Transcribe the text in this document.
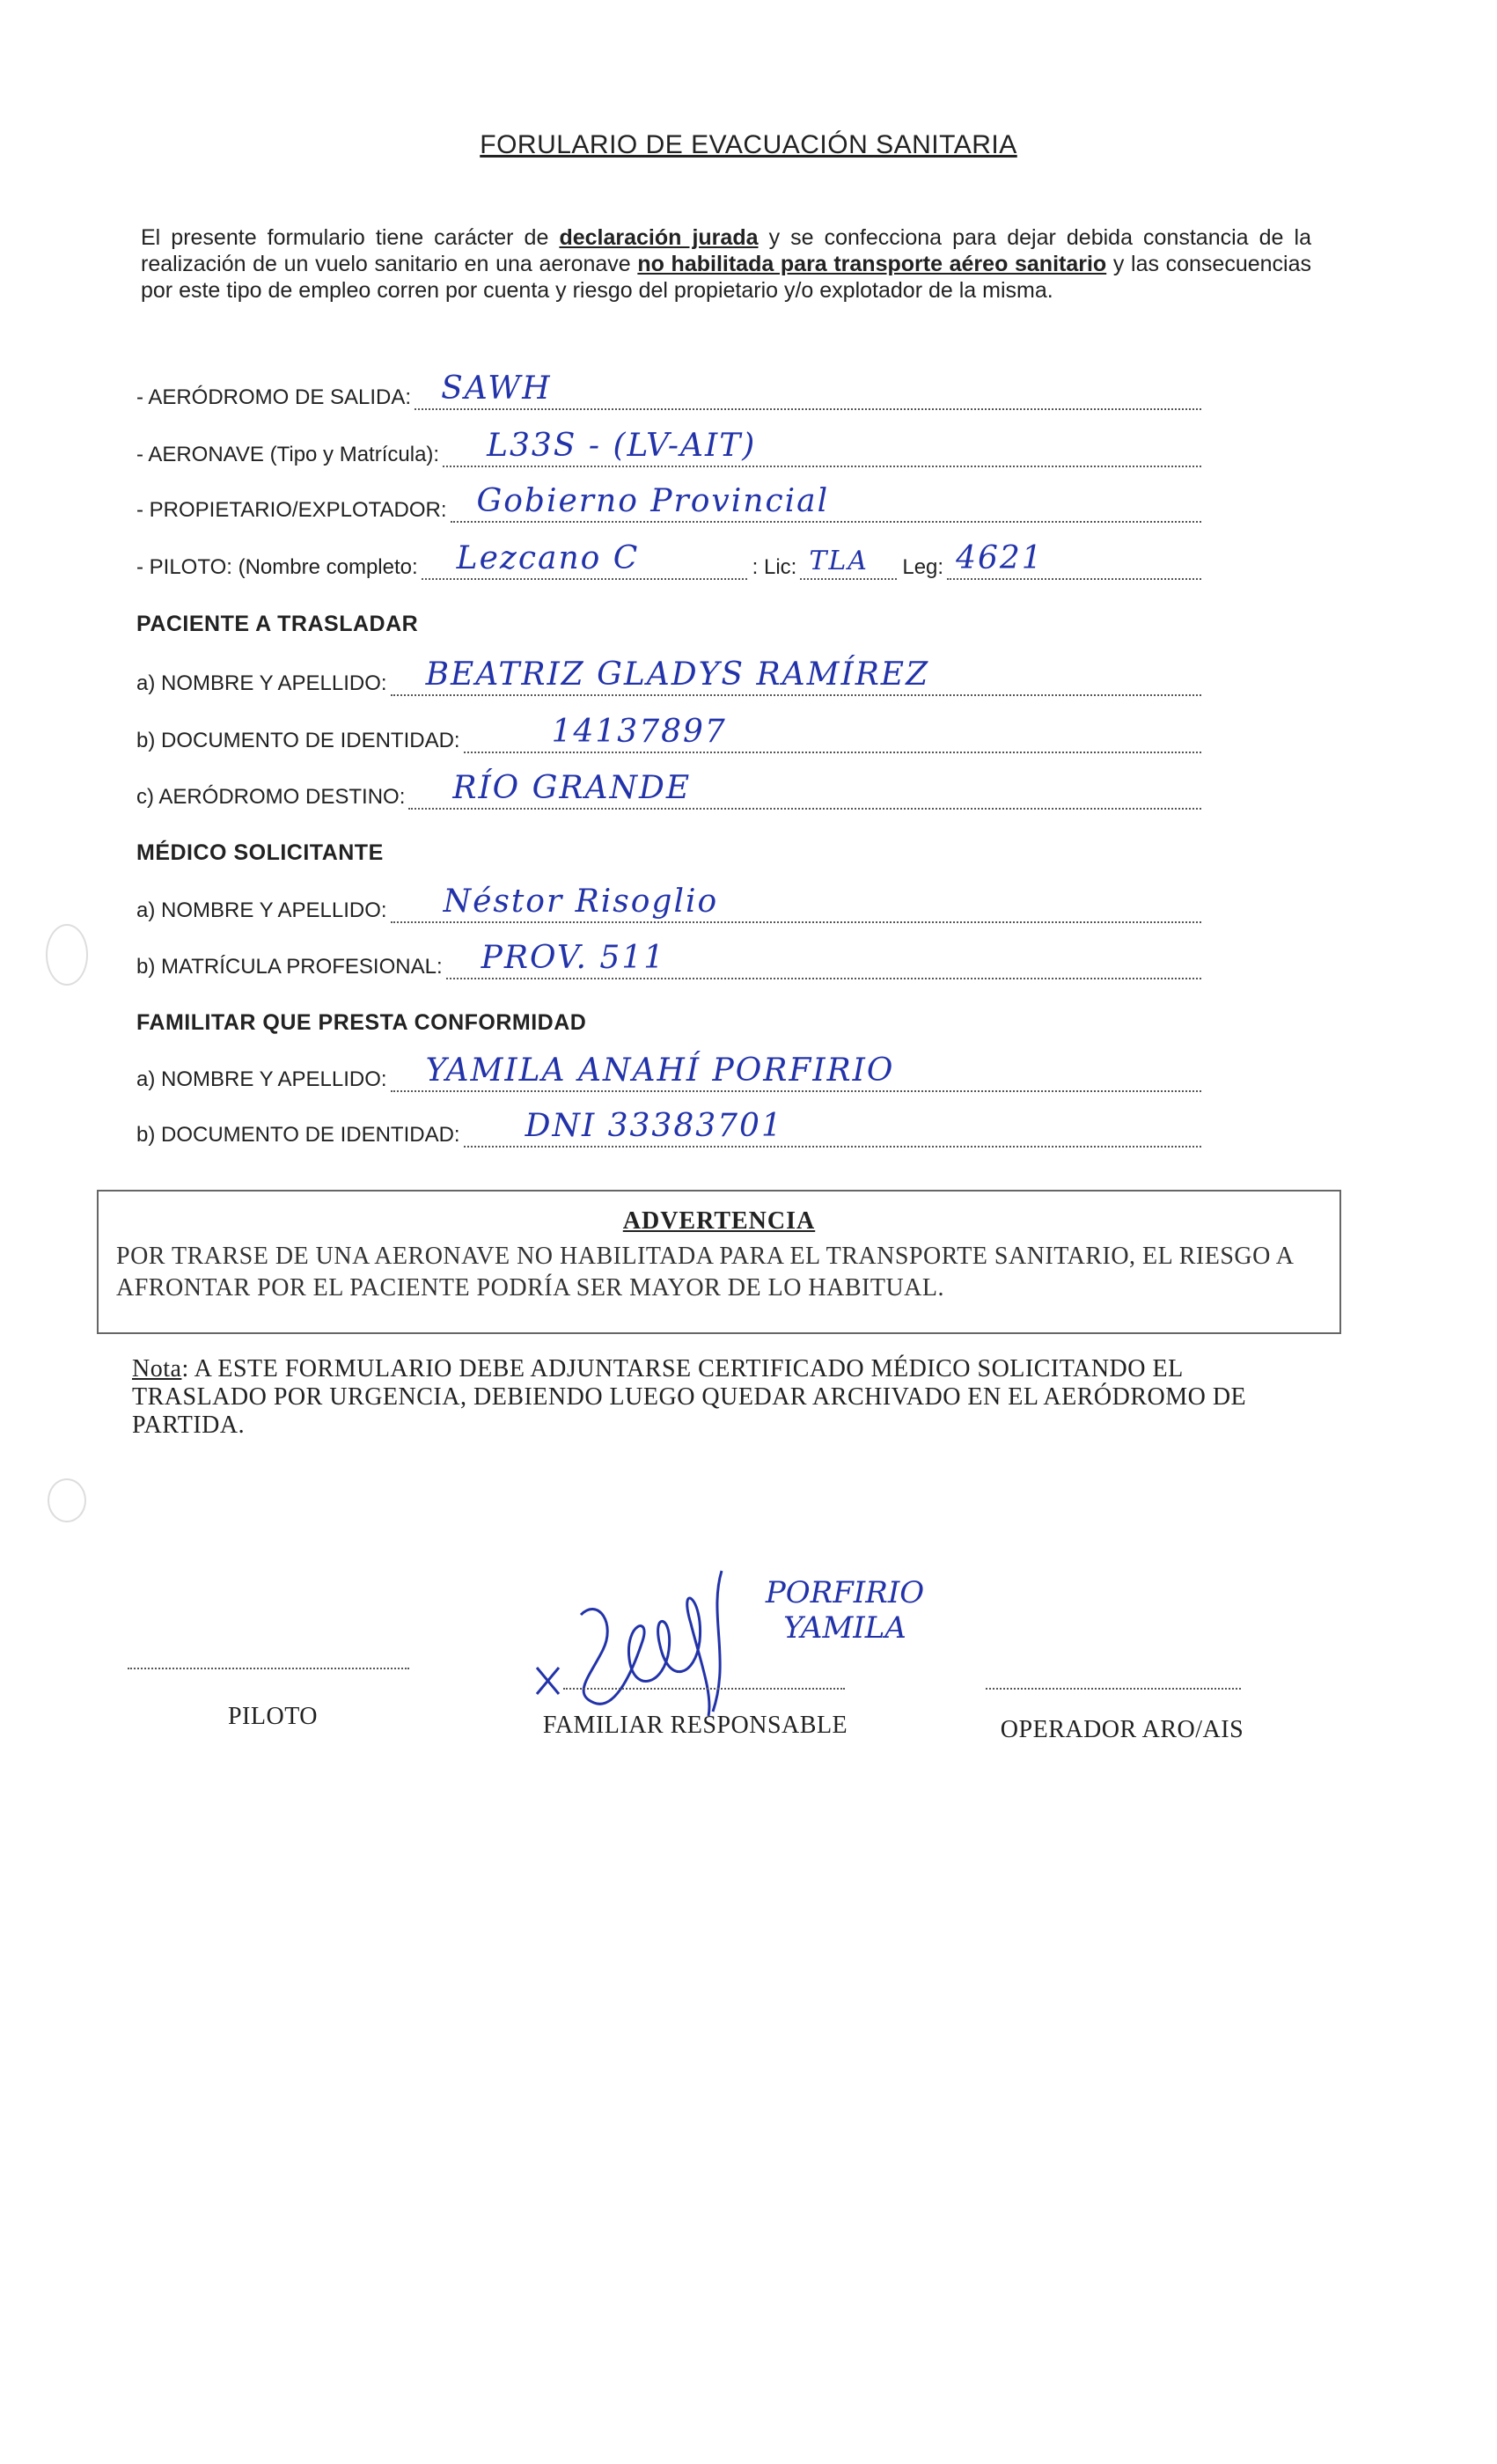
FORULARIO DE EVACUACIÓN SANITARIA
El presente formulario tiene carácter de declaración jurada y se confecciona para dejar debida constancia de la realización de un vuelo sanitario en una aeronave no habilitada para transporte aéreo sanitario y las consecuencias por este tipo de empleo corren por cuenta y riesgo del propietario y/o explotador de la misma.
- AERÓDROMO DE SALIDA: SAWH
- AERONAVE (Tipo y Matrícula): L33S - (LV-AIT)
- PROPIETARIO/EXPLOTADOR: Gobierno Provincial
- PILOTO: (Nombre completo: Lezcano C	: Lic: TLA Leg: 4621
PACIENTE A TRASLADAR
a) NOMBRE Y APELLIDO: BEATRIZ GLADYS RAMÍREZ
b) DOCUMENTO DE IDENTIDAD:	14137897
c) AERÓDROMO DESTINO: RÍO GRANDE
MÉDICO SOLICITANTE
a) NOMBRE Y APELLIDO: Néstor Risoglio
b) MATRÍCULA PROFESIONAL: PROV. 511
FAMILITAR QUE PRESTA CONFORMIDAD
a) NOMBRE Y APELLIDO: YAMILA ANAHÍ PORFIRIO
b) DOCUMENTO DE IDENTIDAD: DNI 33383701
ADVERTENCIA
POR TRARSE DE UNA AERONAVE NO HABILITADA PARA EL TRANSPORTE SANITARIO, EL RIESGO A AFRONTAR POR EL PACIENTE PODRÍA SER MAYOR DE LO HABITUAL.
Nota: A ESTE FORMULARIO DEBE ADJUNTARSE CERTIFICADO MÉDICO SOLICITANDO EL TRASLADO POR URGENCIA, DEBIENDO LUEGO QUEDAR ARCHIVADO EN EL AERÓDROMO DE PARTIDA.
PORFIRIO YAMILA
PILOTO	FAMILIAR RESPONSABLE	OPERADOR ARO/AIS
